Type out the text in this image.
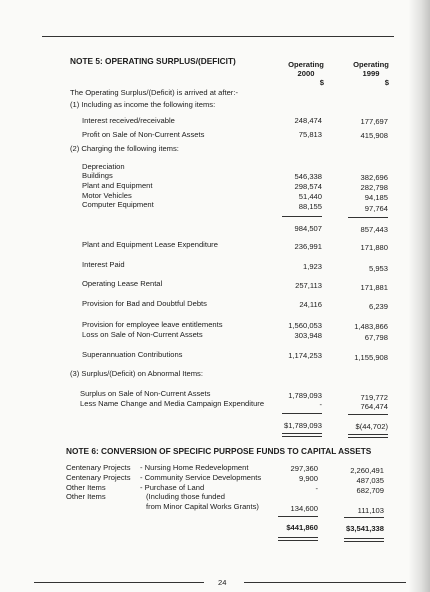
NOTE 5: OPERATING SURPLUS/(DEFICIT)	Operating
2000
$
Operating
1999
$
The Operating Surplus/(Deficit) is arrived at after:-
(1) Including as income the following items:
Interest received/receivable	248,474	177,697
Profit on Sale of Non-Current Assets	75,813	415,908
(2) Charging the following items:
Depreciation
Buildings	546,338	382,696
Plant and Equipment	298,574	282,798
Motor Vehicles	51,440	94,185
Computer Equipment	88,155	97,764
984,507	857,443
Plant and Equipment Lease Expenditure	236,991	171,880
Interest Paid	1,923	5,953
Operating Lease Rental	257,113	171,881
Provision for Bad and Doubtful Debts	24,116	6,239
Provision for employee leave entitlements	1,560,053	1,483,866
Loss on Sale of Non-Current Assets	303,948	67,798
Superannuation Contributions	1,174,253	1,155,908
(3) Surplus/(Deficit) on Abnormal Items:
Surplus on Sale of Non-Current Assets	1,789,093	719,772
Less Name Change and Media Campaign Expenditure	-	764,474
$1,789,093	$(44,702)
NOTE 6: CONVERSION OF SPECIFIC PURPOSE FUNDS TO CAPITAL ASSETS
Centenary Projects - Nursing Home Redevelopment	297,360	2,260,491
Centenary Projects - Community Service Developments	9,900	487,035
Other Items	- Purchase of Land	-	682,709
Other Items	(Including those funded
from Minor Capital Works Grants)	134,600	111,103
$441,860	$3,541,338
24
